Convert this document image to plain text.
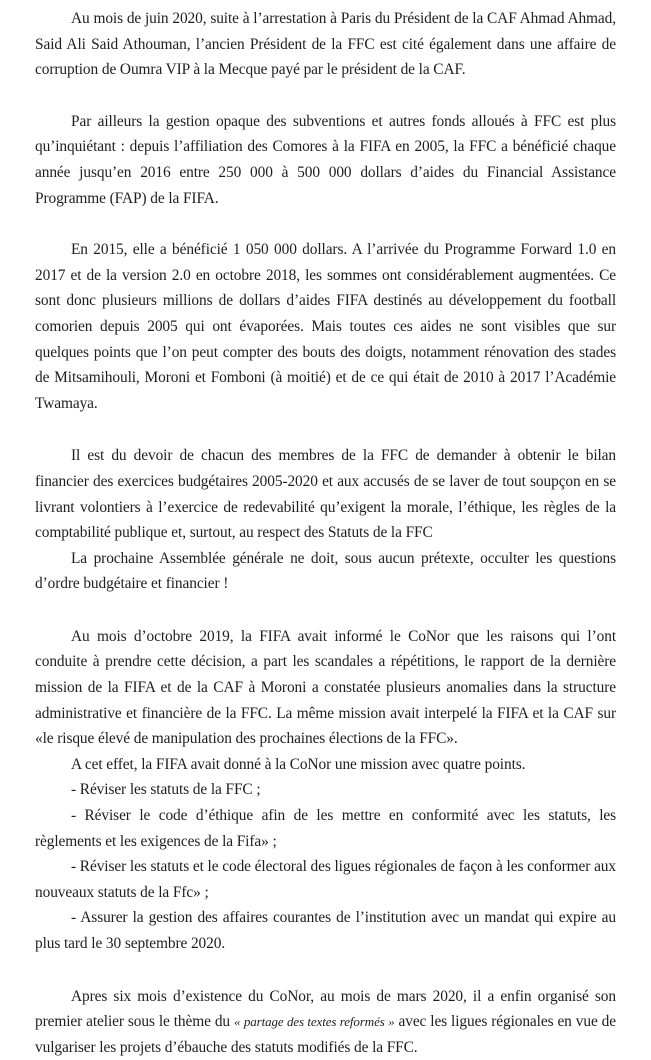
Au mois de juin 2020, suite à l’arrestation à Paris du Président de la CAF Ahmad Ahmad, Said Ali Said Athouman, l’ancien Président de la FFC est cité également dans une affaire de corruption de Oumra VIP à la Mecque payé par le président de la CAF.

Par ailleurs la gestion opaque des subventions et autres fonds alloués à FFC est plus qu’inquiétant : depuis l’affiliation des Comores à la FIFA en 2005, la FFC a bénéficié chaque année jusqu’en 2016 entre 250 000 à 500 000 dollars d’aides du Financial Assistance Programme (FAP) de la FIFA.

En 2015, elle a bénéficié 1 050 000 dollars. A l’arrivée du Programme Forward 1.0 en 2017 et de la version 2.0 en octobre 2018, les sommes ont considérablement augmentées. Ce sont donc plusieurs millions de dollars d’aides FIFA destinés au développement du football comorien depuis 2005 qui ont évaporées. Mais toutes ces aides ne sont visibles que sur quelques points que l’on peut compter des bouts des doigts, notamment rénovation des stades de Mitsamihouli, Moroni et Fomboni (à moitié) et de ce qui était de 2010 à 2017 l’Académie Twamaya.

Il est du devoir de chacun des membres de la FFC de demander à obtenir le bilan financier des exercices budgétaires 2005-2020 et aux accusés de se laver de tout soupçon en se livrant volontiers à l’exercice de redevabilité qu’exigent la morale, l’éthique, les règles de la comptabilité publique et, surtout, au respect des Statuts de la FFC

La prochaine Assemblée générale ne doit, sous aucun prétexte, occulter les questions d’ordre budgétaire et financier !

Au mois d’octobre 2019, la FIFA avait informé le CoNor que les raisons qui l’ont conduite à prendre cette décision, a part les scandales a répétitions, le rapport de la dernière mission de la FIFA et de la CAF à Moroni a constatée plusieurs anomalies dans la structure administrative et financière de la FFC. La même mission avait interpelé la FIFA et la CAF sur «le risque élevé de manipulation des prochaines élections de la FFC».

A cet effet, la FIFA avait donné à la CoNor une mission avec quatre points.

- Réviser les statuts de la FFC ;

- Réviser le code d’éthique afin de les mettre en conformité avec les statuts, les règlements et les exigences de la Fifa» ;

- Réviser les statuts et le code électoral des ligues régionales de façon à les conformer aux nouveaux statuts de la Ffc» ;

- Assurer la gestion des affaires courantes de l’institution avec un mandat qui expire au plus tard le 30 septembre 2020.

Apres six mois d’existence du CoNor, au mois de mars 2020, il a enfin organisé son premier atelier sous le thème du « partage des textes reformés » avec les ligues régionales en vue de vulgariser les projets d’ébauche des statuts modifiés de la FFC.
